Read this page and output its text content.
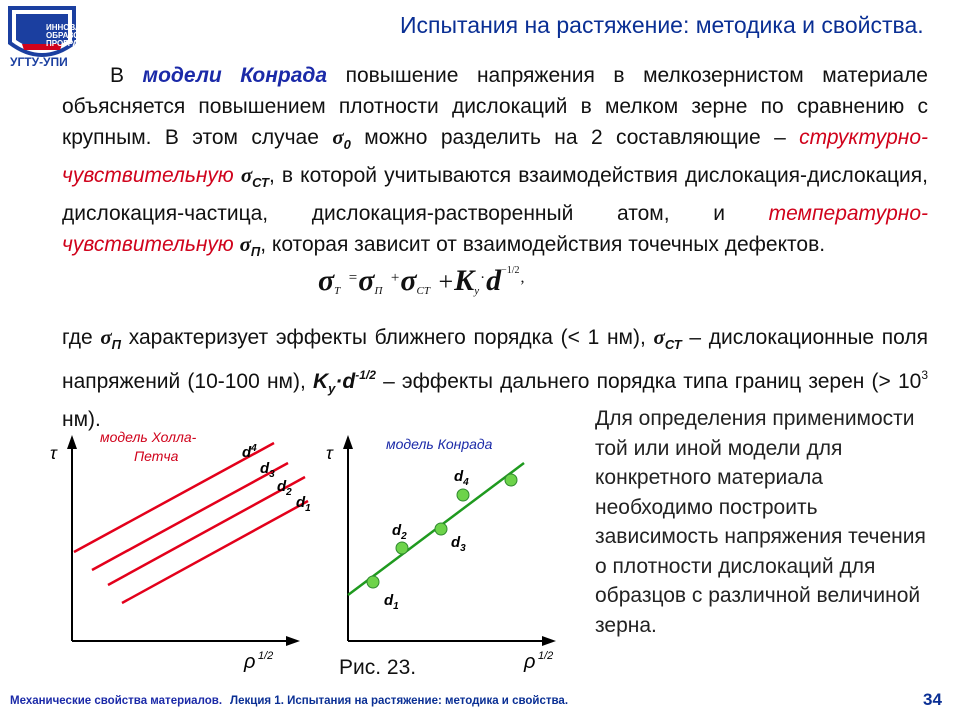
ИННОВАЦИОННАЯ
ОБРАЗОВАТЕЛЬНАЯ
ПРОГРАММА
УГТУ-УПИ
Испытания на растяжение: методика и свойства.
В модели Конрада повышение напряжения в мелкозернистом материале объясняется повышением плотности дислокаций в мелком зерне по сравнению с крупным. В этом случае $\sigma_0$ можно разделить на 2 составляющие – структурно-чувствительную $\sigma_{СТ}$, в которой учитываются взаимодействия дислокация-дислокация, дислокация-частица, дислокация-растворенный атом, и температурно-чувствительную $\sigma_П$, которая зависит от взаимодействия точечных дефектов.
σT =σП $^+\sigma CT +Ky^\cdot d^{-1/2,}$
где $\sigma_П$ характеризует эффекты ближнего порядка (< 1 нм), $\sigma_{СТ}$ – дислокационные поля напряжений (10-100 нм), $K_y\cdot d^{-1/2}$ – эффекты дальнего порядка типа границ зерен (> $10^3$ нм).
τ
ρ 1/2
модель Холла-
Петча	$d^4$
$d_3$
$d_2$
$d_1$
τ
ρ 1/2
модель Конрада
$d_1$
$d_2$	$d_3$
$d_4$
Рис. 23.
Для определения применимости той или иной модели для конкретного материала необходимо построить зависимость напряжения течения о плотности дислокаций для образцов с различной величиной зерна.
Механические свойства материалов. Лекция 1. Испытания на растяжение: методика и свойства.	34
